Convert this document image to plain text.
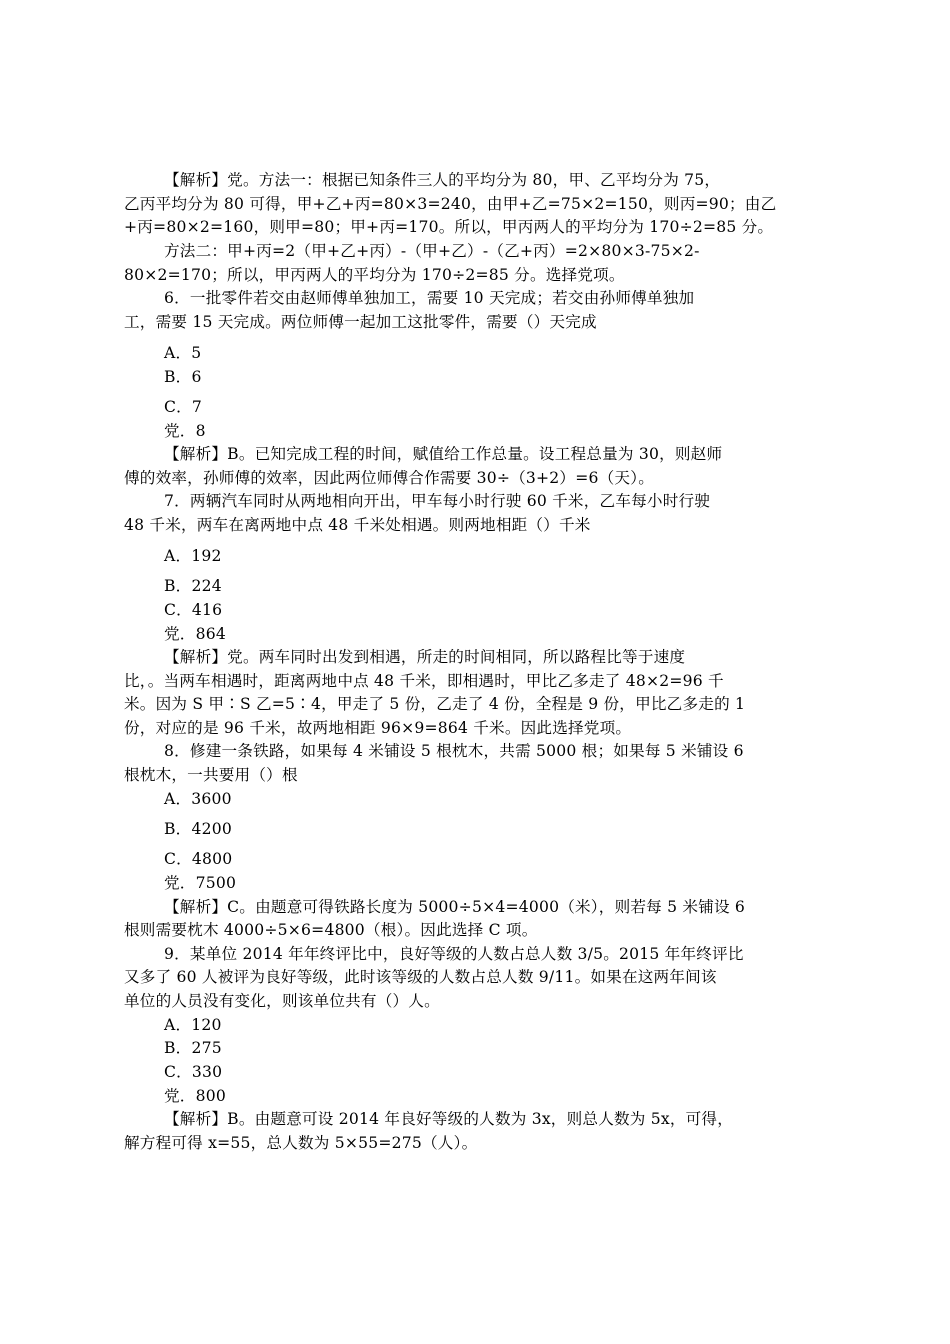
【解析】党。方法一：根据已知条件三人的平均分为 80，甲、乙平均分为 75，
乙丙平均分为 80 可得，甲+乙+丙=80×3=240，由甲+乙=75×2=150，则丙=90；由乙
+丙=80×2=160，则甲=80；甲+丙=170。所以，甲丙两人的平均分为 170÷2=85 分。
方法二：甲+丙=2（甲+乙+丙）-（甲+乙）-（乙+丙）=2×80×3-75×2-
80×2=170；所以，甲丙两人的平均分为 170÷2=85 分。选择党项。
6．一批零件若交由赵师傅单独加工，需要 10 天完成；若交由孙师傅单独加
工，需要 15 天完成。两位师傅一起加工这批零件，需要（）天完成
A．5
B．6
C．7
党．8
【解析】B。已知完成工程的时间，赋值给工作总量。设工程总量为 30，则赵师
傅的效率，孙师傅的效率，因此两位师傅合作需要 30÷（3+2）=6（天）。
7．两辆汽车同时从两地相向开出，甲车每小时行驶 60 千米，乙车每小时行驶
48 千米，两车在离两地中点 48 千米处相遇。则两地相距（）千米
A．192
B．224
C．416
党．864
【解析】党。两车同时出发到相遇，所走的时间相同，所以路程比等于速度
比，。当两车相遇时，距离两地中点 48 千米，即相遇时，甲比乙多走了 48×2=96 千
米。因为 S 甲∶S 乙=5∶4，甲走了 5 份，乙走了 4 份，全程是 9 份，甲比乙多走的 1
份，对应的是 96 千米，故两地相距 96×9=864 千米。因此选择党项。
8．修建一条铁路，如果每 4 米铺设 5 根枕木，共需 5000 根；如果每 5 米铺设 6
根枕木，一共要用（）根
A．3600
B．4200
C．4800
党．7500
【解析】C。由题意可得铁路长度为 5000÷5×4=4000（米），则若每 5 米铺设 6
根则需要枕木 4000÷5×6=4800（根）。因此选择 C 项。
9．某单位 2014 年年终评比中，良好等级的人数占总人数 3/5。2015 年年终评比
又多了 60 人被评为良好等级，此时该等级的人数占总人数 9/11。如果在这两年间该
单位的人员没有变化，则该单位共有（）人。
A．120
B．275
C．330
党．800
【解析】B。由题意可设 2014 年良好等级的人数为 3x，则总人数为 5x，可得，
解方程可得 x=55，总人数为 5×55=275（人）。
